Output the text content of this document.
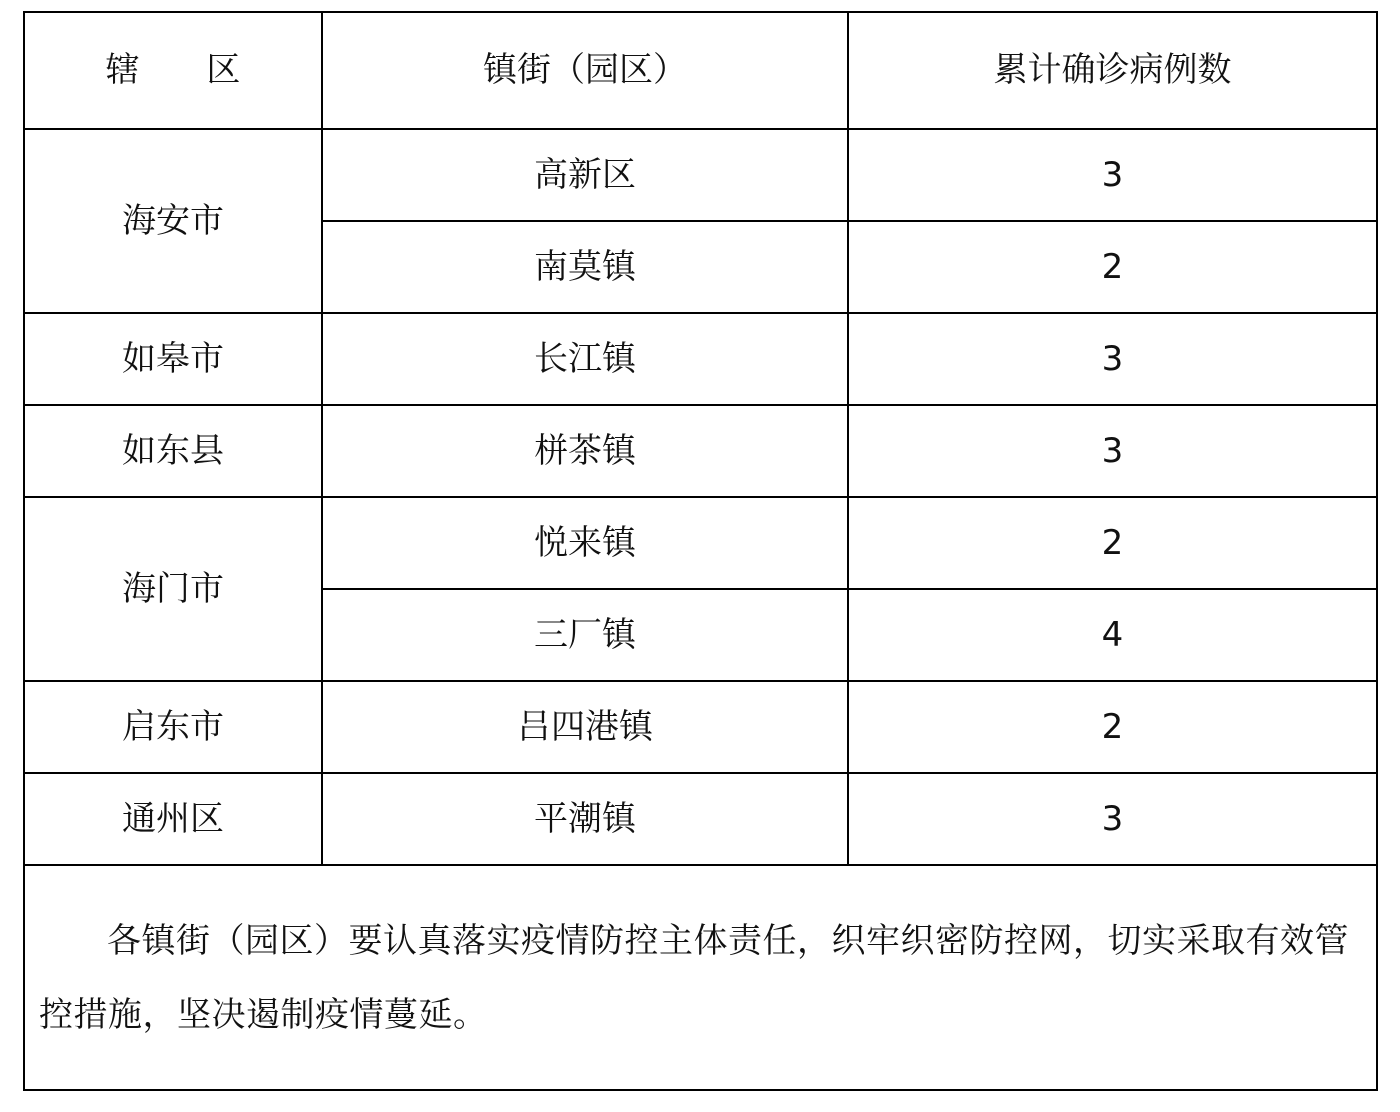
辖 区	镇街（园区）	累计确诊病例数
海安市	高新区	3
	南莫镇	2
如皋市	长江镇	3
如东县	栟茶镇	3
海门市	悦来镇	2
	三厂镇	4
启东市	吕四港镇	2
通州区	平潮镇	3

各镇街（园区）要认真落实疫情防控主体责任，织牢织密防控网，切实采取有效管控措施，坚决遏制疫情蔓延。		
